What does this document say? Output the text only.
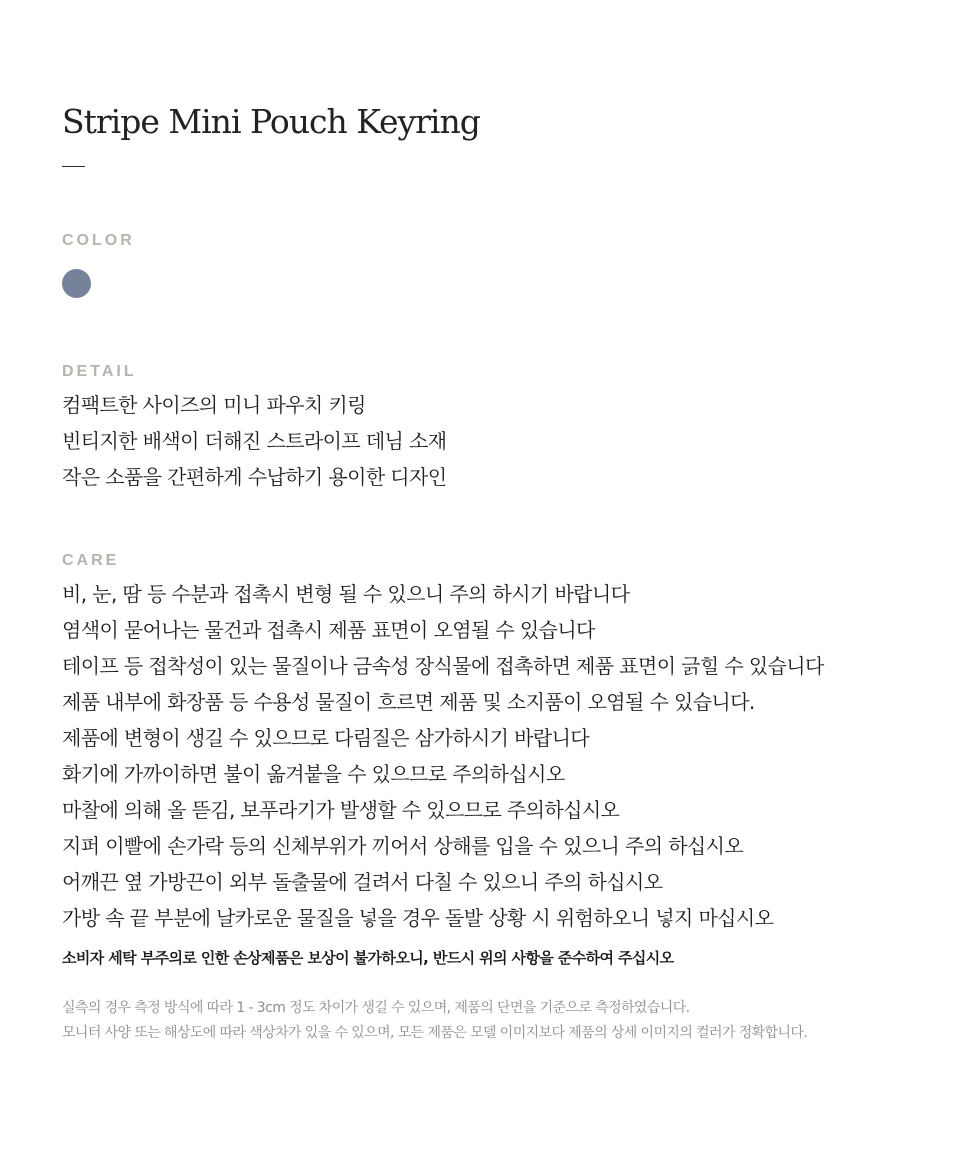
Stripe Mini Pouch Keyring
COLOR
DETAIL
컴팩트한 사이즈의 미니 파우치 키링
빈티지한 배색이 더해진 스트라이프 데님 소재
작은 소품을 간편하게 수납하기 용이한 디자인
CARE
비, 눈, 땀 등 수분과 접촉시 변형 될 수 있으니 주의 하시기 바랍니다
염색이 묻어나는 물건과 접촉시 제품 표면이 오염될 수 있습니다
테이프 등 접착성이 있는 물질이나 금속성 장식물에 접촉하면 제품 표면이 긁힐 수 있습니다
제품 내부에 화장품 등 수용성 물질이 흐르면 제품 및 소지품이 오염될 수 있습니다.
제품에 변형이 생길 수 있으므로 다림질은 삼가하시기 바랍니다
화기에 가까이하면 불이 옮겨붙을 수 있으므로 주의하십시오
마찰에 의해 올 뜯김, 보푸라기가 발생할 수 있으므로 주의하십시오
지퍼 이빨에 손가락 등의 신체부위가 끼어서 상해를 입을 수 있으니 주의 하십시오
어깨끈 옆 가방끈이 외부 돌출물에 걸려서 다칠 수 있으니 주의 하십시오
가방 속 끝 부분에 날카로운 물질을 넣을 경우 돌발 상황 시 위험하오니 넣지 마십시오

소비자 세탁 부주의로 인한 손상제품은 보상이 불가하오니, 반드시 위의 사항을 준수하여 주십시오

실측의 경우 측정 방식에 따라 1 - 3cm 정도 차이가 생길 수 있으며, 제품의 단면을 기준으로 측정하였습니다.
모니터 사양 또는 해상도에 따라 색상차가 있을 수 있으며, 모든 제품은 모델 이미지보다 제품의 상세 이미지의 컬러가 정확합니다.
